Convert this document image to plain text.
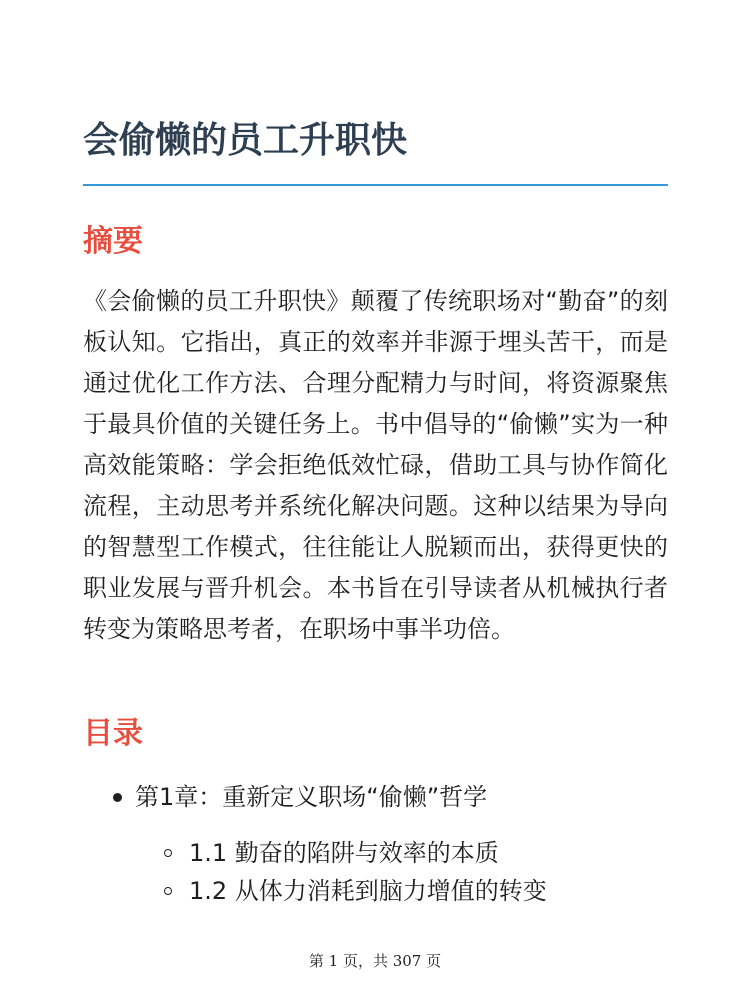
会偷懒的员工升职快
摘要

《会偷懒的员工升职快》颠覆了传统职场对“勤奋”的刻板认知。它指出，真正的效率并非源于埋头苦干，而是通过优化工作方法、合理分配精力与时间，将资源聚焦于最具价值的关键任务上。书中倡导的“偷懒”实为一种高效能策略：学会拒绝低效忙碌，借助工具与协作简化流程，主动思考并系统化解决问题。这种以结果为导向的智慧型工作模式，往往能让人脱颖而出，获得更快的职业发展与晋升机会。本书旨在引导读者从机械执行者转变为策略思考者，在职场中事半功倍。

目录
第1章：重新定义职场“偷懒”哲学
1.1 勤奋的陷阱与效率的本质
1.2 从体力消耗到脑力增值的转变
第 1 页，共 307 页
